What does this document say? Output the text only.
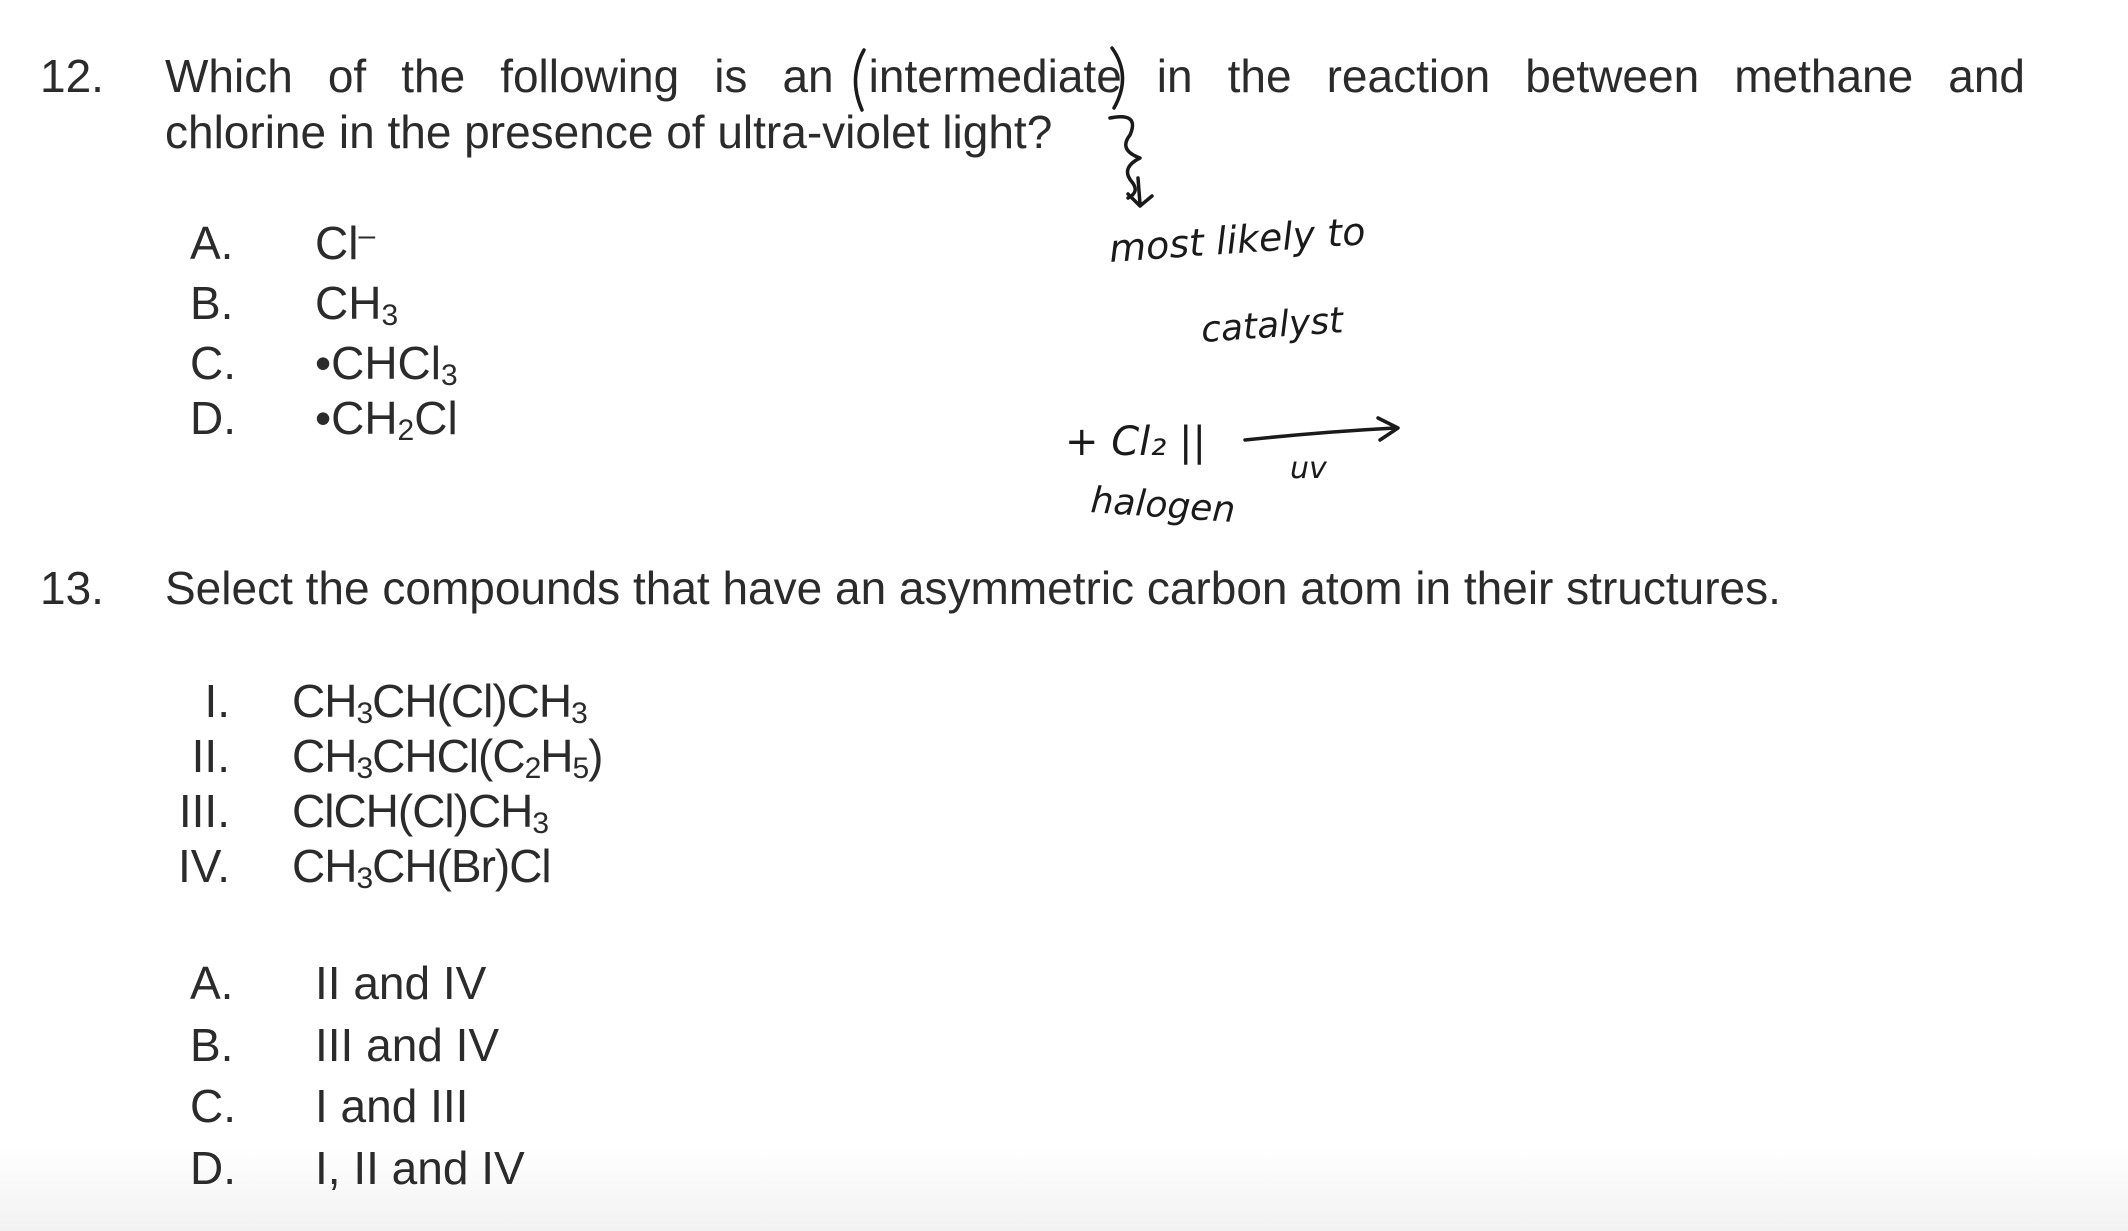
12. Which of the following is an intermediate in the reaction between methane and
chlorine in the presence of ultra-violet light?
A.	Cl–
B.	$CH_3$
C.	•CHCl$_3$
D.	$•CH_2Cl$
13. Select the compounds that have an asymmetric carbon atom in their structures.
I. $CH_3CH(Cl)CH_3$
II. $CH_3CHCl(C_2H_5)$
III. $ClCH(Cl)CH_3$
IV. $CH_3CH(Br)Cl$
A.	II and IV
B.	III and IV
C.	I and III
D.	I, II and IV
most likely to
catalyst
+ Cl₂ ||
halogen
uv
